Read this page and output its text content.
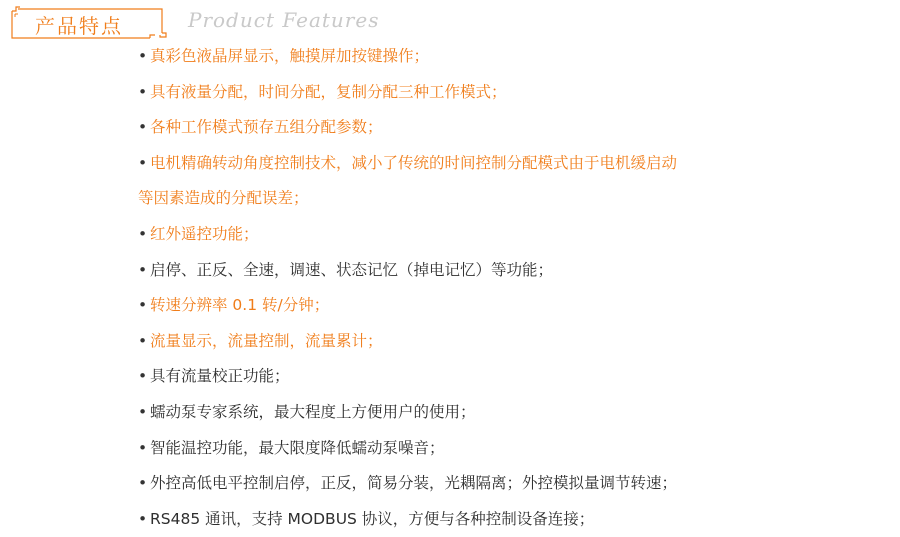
产品特点	Product Features
• 真彩色液晶屏显示，触摸屏加按键操作；
• 具有液量分配，时间分配，复制分配三种工作模式；
• 各种工作模式预存五组分配参数；
• 电机精确转动角度控制技术，减小了传统的时间控制分配模式由于电机缓启动
等因素造成的分配误差；
• 红外遥控功能；
• 启停、正反、全速，调速、状态记忆（掉电记忆）等功能；
• 转速分辨率 0.1 转/分钟；
• 流量显示，流量控制，流量累计；
• 具有流量校正功能；
• 蠕动泵专家系统，最大程度上方便用户的使用；
• 智能温控功能，最大限度降低蠕动泵噪音；
• 外控高低电平控制启停，正反，简易分装，光耦隔离；外控模拟量调节转速；
• RS485 通讯，支持 MODBUS 协议，方便与各种控制设备连接；
